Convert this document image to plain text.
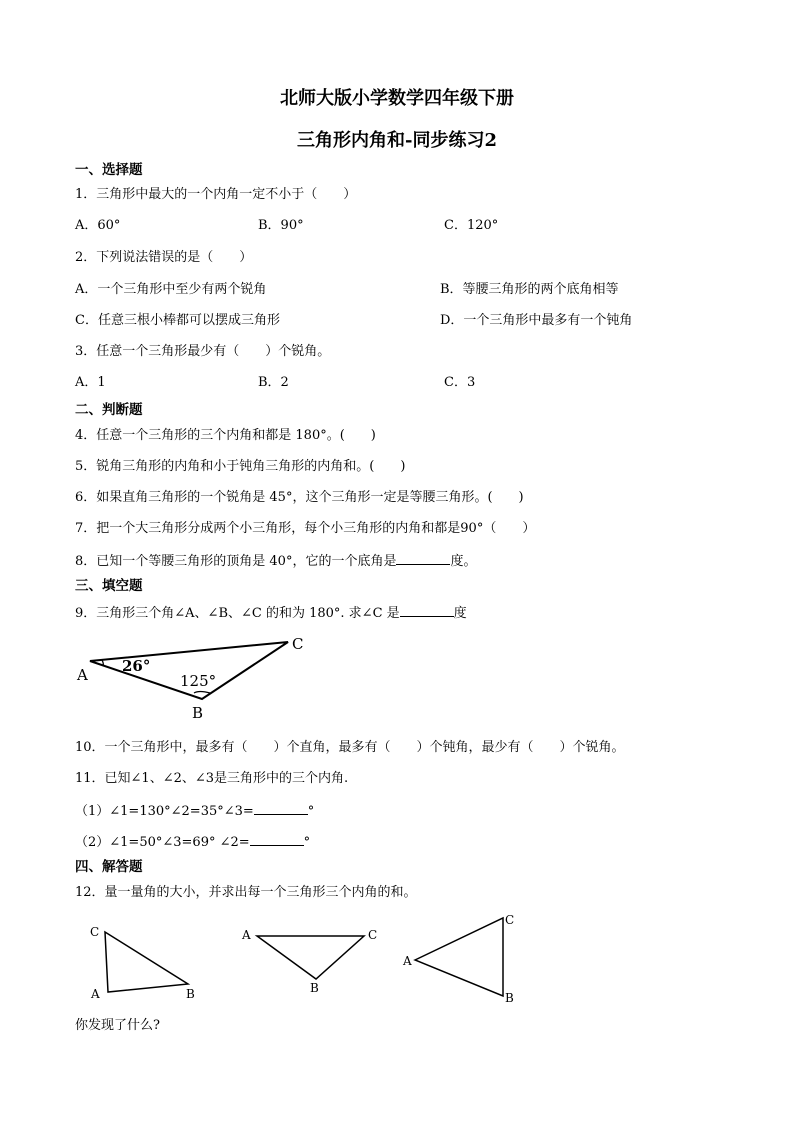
北师大版小学数学四年级下册
三角形内角和-同步练习2
一、选择题
1．三角形中最大的一个内角一定不小于（　　）
A．60°	B．90°	C．120°
2．下列说法错误的是（　　）
A．一个三角形中至少有两个锐角	B．等腰三角形的两个底角相等
C．任意三根小棒都可以摆成三角形	D．一个三角形中最多有一个钝角
3．任意一个三角形最少有（　　）个锐角。
A．1	B．2	C．3
二、判断题
4．任意一个三角形的三个内角和都是 180°。(　　)
5．锐角三角形的内角和小于钝角三角形的内角和。(　　)
6．如果直角三角形的一个锐角是 45°，这个三角形一定是等腰三角形。(　　)
7．把一个大三角形分成两个小三角形，每个小三角形的内角和都是90°（　　）
8．已知一个等腰三角形的顶角是 40°，它的一个底角是	度。
三、填空题
9．三角形三个角∠A、∠B、∠C 的和为 180°. 求∠C 是	度
A
B
C
26°
125°
10．一个三角形中，最多有（　　）个直角，最多有（　　）个钝角，最少有（　　）个锐角。
11．已知∠1、∠2、∠3是三角形中的三个内角.
（1）∠1=130°∠2=35°∠3=	°
（2）∠1=50°∠3=69° ∠2=	°
四、解答题
12．量一量角的大小，并求出每一个三角形三个内角的和。
C
A	B
A	C
B
A
C
B
你发现了什么?
